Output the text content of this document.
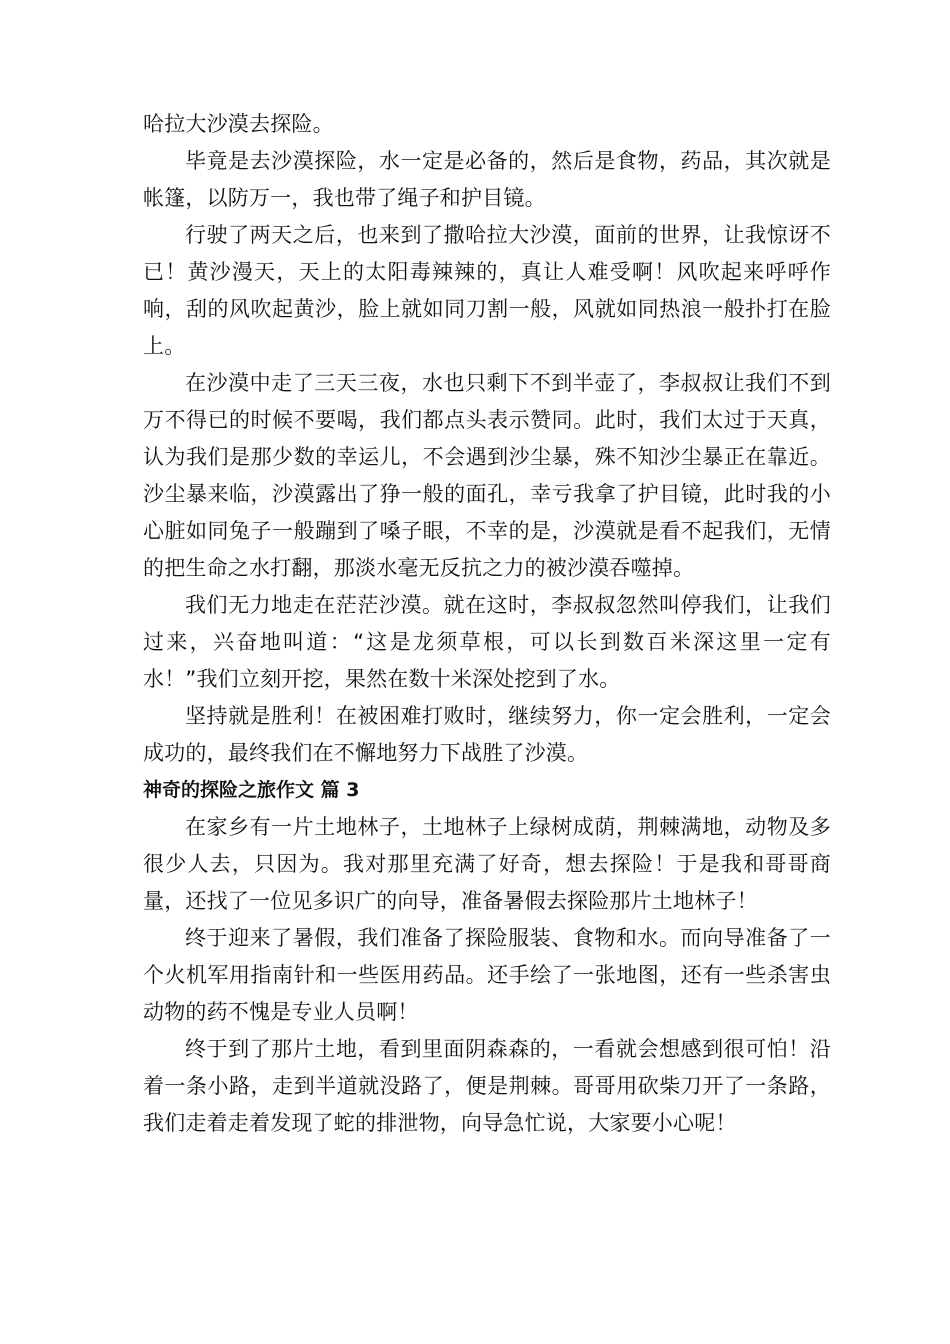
哈拉大沙漠去探险。

毕竟是去沙漠探险，水一定是必备的，然后是食物，药品，其次就是帐篷，以防万一，我也带了绳子和护目镜。

行驶了两天之后，也来到了撒哈拉大沙漠，面前的世界，让我惊讶不已！黄沙漫天，天上的太阳毒辣辣的，真让人难受啊！风吹起来呼呼作响，刮的风吹起黄沙，脸上就如同刀割一般，风就如同热浪一般扑打在脸上。

在沙漠中走了三天三夜，水也只剩下不到半壶了，李叔叔让我们不到万不得已的时候不要喝，我们都点头表示赞同。此时，我们太过于天真，认为我们是那少数的幸运儿，不会遇到沙尘暴，殊不知沙尘暴正在靠近。沙尘暴来临，沙漠露出了狰一般的面孔，幸亏我拿了护目镜，此时我的小心脏如同兔子一般蹦到了嗓子眼，不幸的是，沙漠就是看不起我们，无情的把生命之水打翻，那淡水毫无反抗之力的被沙漠吞噬掉。

我们无力地走在茫茫沙漠。就在这时，李叔叔忽然叫停我们，让我们过来，兴奋地叫道：“这是龙须草根，可以长到数百米深这里一定有水！”我们立刻开挖，果然在数十米深处挖到了水。

坚持就是胜利！在被困难打败时，继续努力，你一定会胜利，一定会成功的，最终我们在不懈地努力下战胜了沙漠。

神奇的探险之旅作文 篇 3

在家乡有一片土地林子，土地林子上绿树成荫，荆棘满地，动物及多很少人去，只因为。我对那里充满了好奇，想去探险！于是我和哥哥商量，还找了一位见多识广的向导，准备暑假去探险那片土地林子！

终于迎来了暑假，我们准备了探险服装、食物和水。而向导准备了一个火机军用指南针和一些医用药品。还手绘了一张地图，还有一些杀害虫动物的药不愧是专业人员啊！

终于到了那片土地，看到里面阴森森的，一看就会想感到很可怕！沿着一条小路，走到半道就没路了，便是荆棘。哥哥用砍柴刀开了一条路，我们走着走着发现了蛇的排泄物，向导急忙说，大家要小心呢！
